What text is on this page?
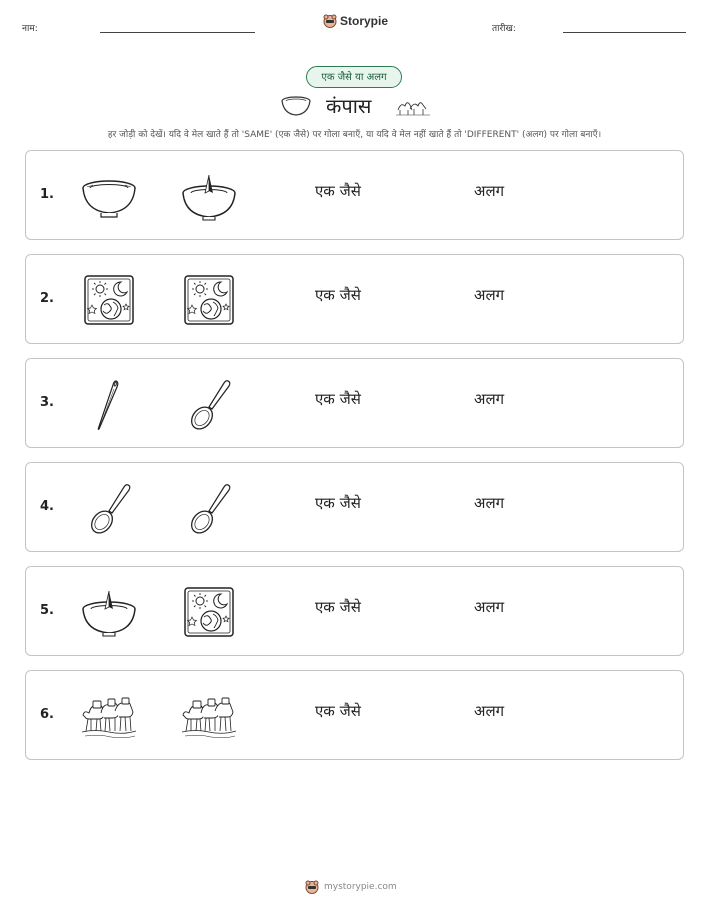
नाम:
Storypie
तारीख:
एक जैसे या अलग
कंपास
हर जोड़ी को देखें। यदि वे मेल खाते हैं तो 'SAME' (एक जैसे) पर गोला बनाएँ, या यदि वे मेल नहीं खाते हैं तो 'DIFFERENT' (अलग) पर गोला बनाएँ।
1.	एक जैसे	अलग
2.	एक जैसे	अलग
3.	एक जैसे	अलग
4.	एक जैसे	अलग
5.	एक जैसे	अलग
6.	एक जैसे	अलग
mystorypie.com
